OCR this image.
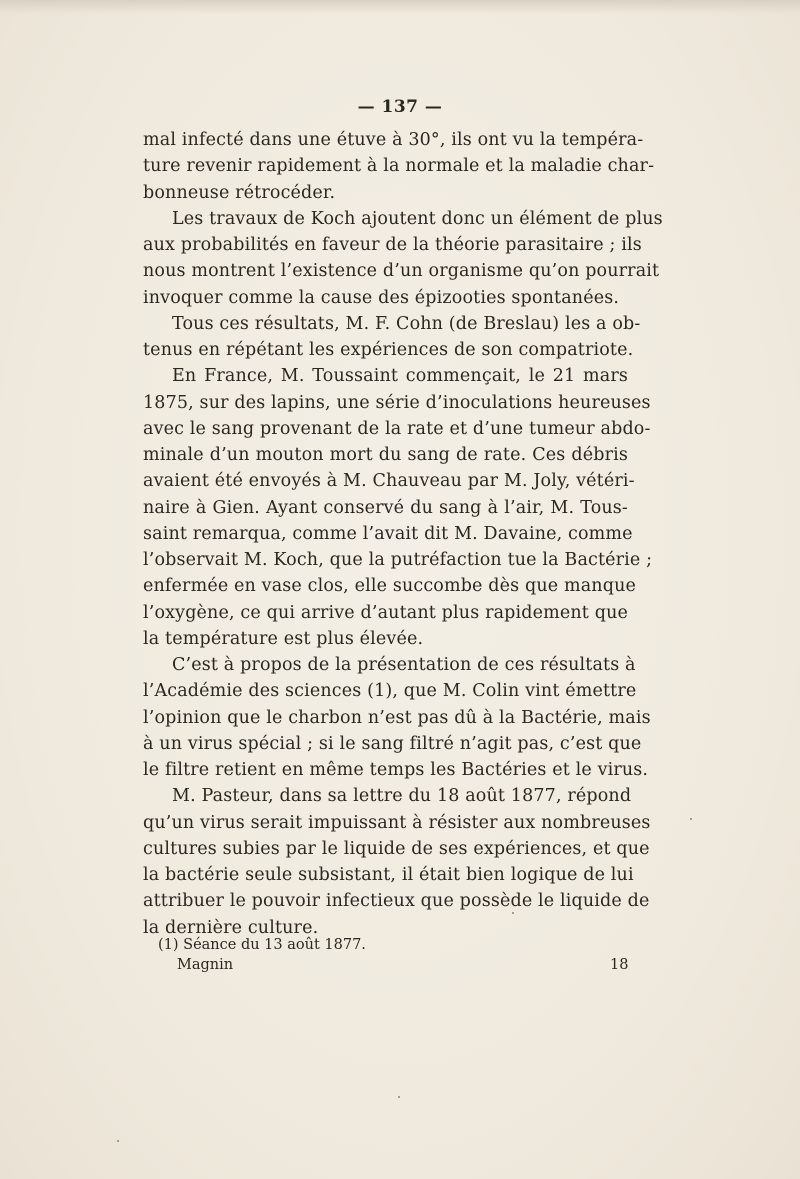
— 137 —
mal infecté dans une étuve à 30°, ils ont vu la tempéra-
ture revenir rapidement à la normale et la maladie char-
bonneuse rétrocéder.
Les travaux de Koch ajoutent donc un élément de plus
aux probabilités en faveur de la théorie parasitaire ; ils
nous montrent l’existence d’un organisme qu’on pourrait
invoquer comme la cause des épizooties spontanées.
Tous ces résultats, M. F. Cohn (de Breslau) les a ob-
tenus en répétant les expériences de son compatriote.
En France, M. Toussaint commençait, le 21 mars
1875, sur des lapins, une série d’inoculations heureuses
avec le sang provenant de la rate et d’une tumeur abdo-
minale d’un mouton mort du sang de rate. Ces débris
avaient été envoyés à M. Chauveau par M. Joly, vétéri-
naire à Gien. Ayant conservé du sang à l’air, M. Tous-
saint remarqua, comme l’avait dit M. Davaine, comme
l’observait M. Koch, que la putréfaction tue la Bactérie ;
enfermée en vase clos, elle succombe dès que manque
l’oxygène, ce qui arrive d’autant plus rapidement que
la température est plus élevée.
C’est à propos de la présentation de ces résultats à
l’Académie des sciences (1), que M. Colin vint émettre
l’opinion que le charbon n’est pas dû à la Bactérie, mais
à un virus spécial ; si le sang filtré n’agit pas, c’est que
le filtre retient en même temps les Bactéries et le virus.
M. Pasteur, dans sa lettre du 18 août 1877, répond
qu’un virus serait impuissant à résister aux nombreuses
cultures subies par le liquide de ses expériences, et que
la bactérie seule subsistant, il était bien logique de lui
attribuer le pouvoir infectieux que possède le liquide de
la dernière culture.
(1) Séance du 13 août 1877.
Magnin	18
